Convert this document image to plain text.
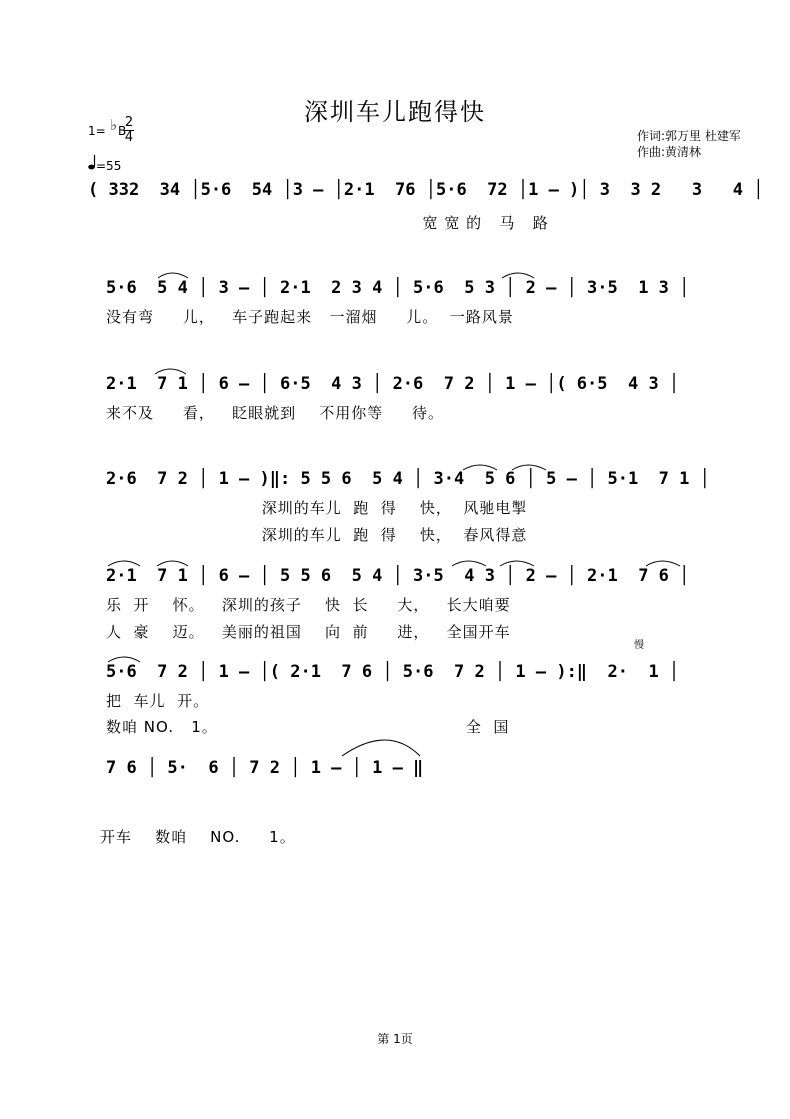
深圳车儿跑得快
1= ♭ B
2
4
=55
作词:郭万里 杜建军
作曲:黄清林
( 332  34 │5·6  54 │3 – │2·1  76 │5·6  72 │1 – )│ 3  3 2   3   4 │
宽 宽 的   马   路
5·6  5 4 │ 3 – │ 2·1  2 3 4 │ 5·6  5 3 │ 2 – │ 3·5  1 3 │
没有弯     儿，   车子跑起来   一溜烟     儿。  一路风景
2·1  7 1 │ 6 – │ 6·5  4 3 │ 2·6  7 2 │ 1 – │( 6·5  4 3 │
来不及     看，   眨眼就到    不用你等     待。
2·6  7 2 │ 1 – )‖: 5 5 6  5 4 │ 3·4  5 6 │ 5 – │ 5·1  7 1 │
深圳的车儿  跑  得    快，  风驰电掣
深圳的车儿  跑  得    快，  春风得意
2·1  7 1 │ 6 – │ 5 5 6  5 4 │ 3·5  4 3 │ 2 – │ 2·1  7 6 │
乐  开    怀。   深圳的孩子    快  长     大，   长大咱要
人  豪    迈。   美丽的祖国    向  前     进，   全国开车
慢
5·6  7 2 │ 1 – │( 2·1  7 6 │ 5·6  7 2 │ 1 – ):‖  2·  1 │
把  车儿  开。
数咱 NO.   1。                                           全  国
7 6 │ 5·  6 │ 7 2 │ 1 – │ 1 – ‖
开车    数咱    NO.     1。
第 1页
